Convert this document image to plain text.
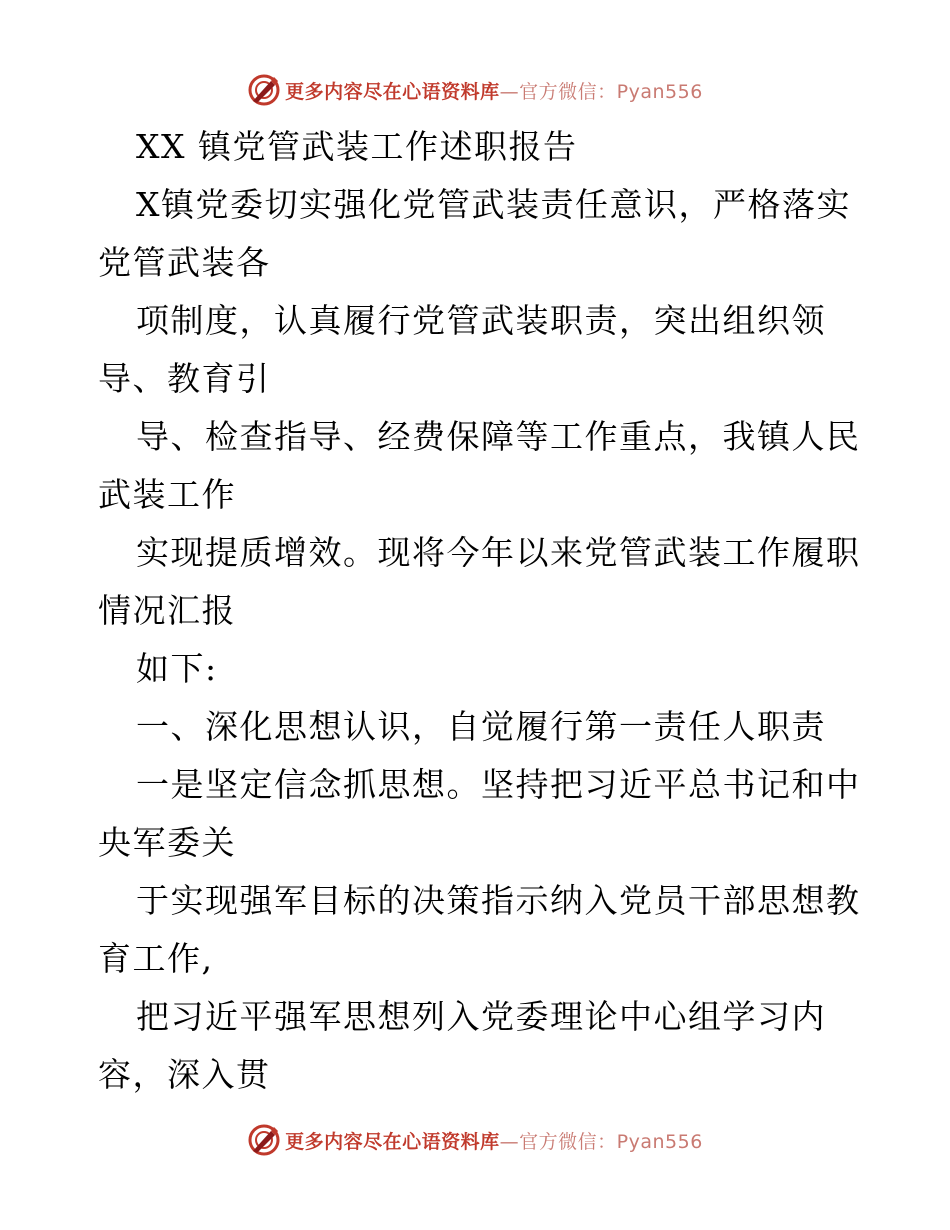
更多内容尽在心语资料库—官方微信：Pyan556
XX 镇党管武装工作述职报告
X镇党委切实强化党管武装责任意识，严格落实
党管武装各
项制度，认真履行党管武装职责，突出组织领
导、教育引
导、检查指导、经费保障等工作重点，我镇人民
武装工作
实现提质增效。现将今年以来党管武装工作履职
情况汇报
如下:
一、深化思想认识，自觉履行第一责任人职责
一是坚定信念抓思想。坚持把习近平总书记和中
央军委关
于实现强军目标的决策指示纳入党员干部思想教
育工作,
把习近平强军思想列入党委理论中心组学习内
容，深入贯
更多内容尽在心语资料库—官方微信：Pyan556
